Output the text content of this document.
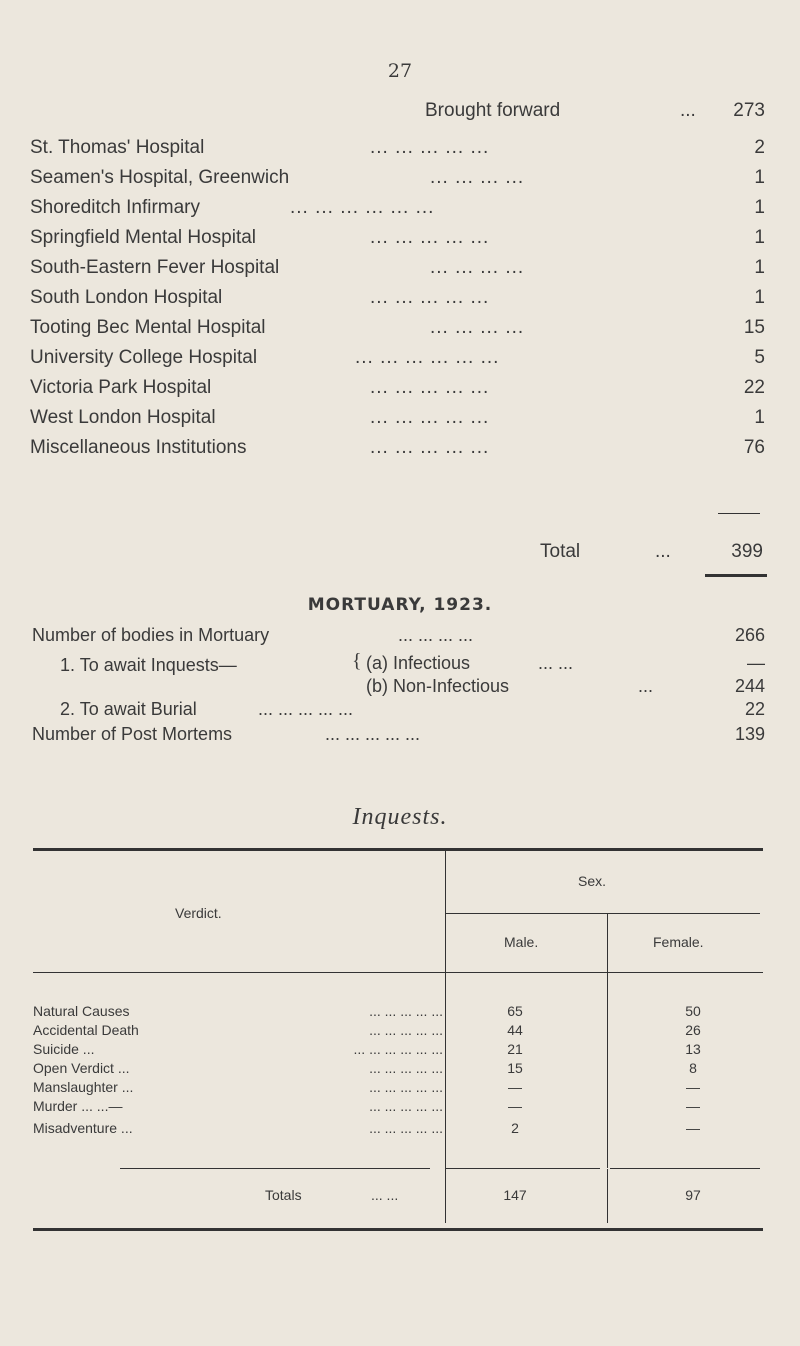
27
Brought forward	... 273
St. Thomas' Hospital	... ... ... ... ...	2
Seamen's Hospital, Greenwich	... ... ... ...	1
Shoreditch Infirmary	... ... ... ... ... ...	1
Springfield Mental Hospital	... ... ... ... ...	1
South-Eastern Fever Hospital	... ... ... ...	1
South London Hospital	... ... ... ... ...	1
Tooting Bec Mental Hospital	... ... ... ...	15
University College Hospital	... ... ... ... ... ...	5
Victoria Park Hospital	... ... ... ... ...	22
West London Hospital	... ... ... ... ...	1
Miscellaneous Institutions	... ... ... ... ...	76
Total	...	399
MORTUARY, 1923.
Number of bodies in Mortuary	... ... ... ...	266
1. To await Inquests—	{ (a) Infectious	... ...	—
(b) Non-Infectious	...	244
2. To await Burial	... ... ... ... ...	22
Number of Post Mortems	... ... ... ... ...	139
Inquests.
Verdict.
Sex.
Male.	Female.
Natural Causes	... ... ... ... ...	65	50
Accidental Death	... ... ... ... ...	44	26
Suicide ...	... ... ... ... ... ...	21	13
Open Verdict ...	... ... ... ... ...	15	8
Manslaughter ...	... ... ... ... ...	—	—
Murder ... ...—	... ... ... ... ...	—	—
Misadventure ...	... ... ... ... ...	2	—
Totals	... ...	147	97
